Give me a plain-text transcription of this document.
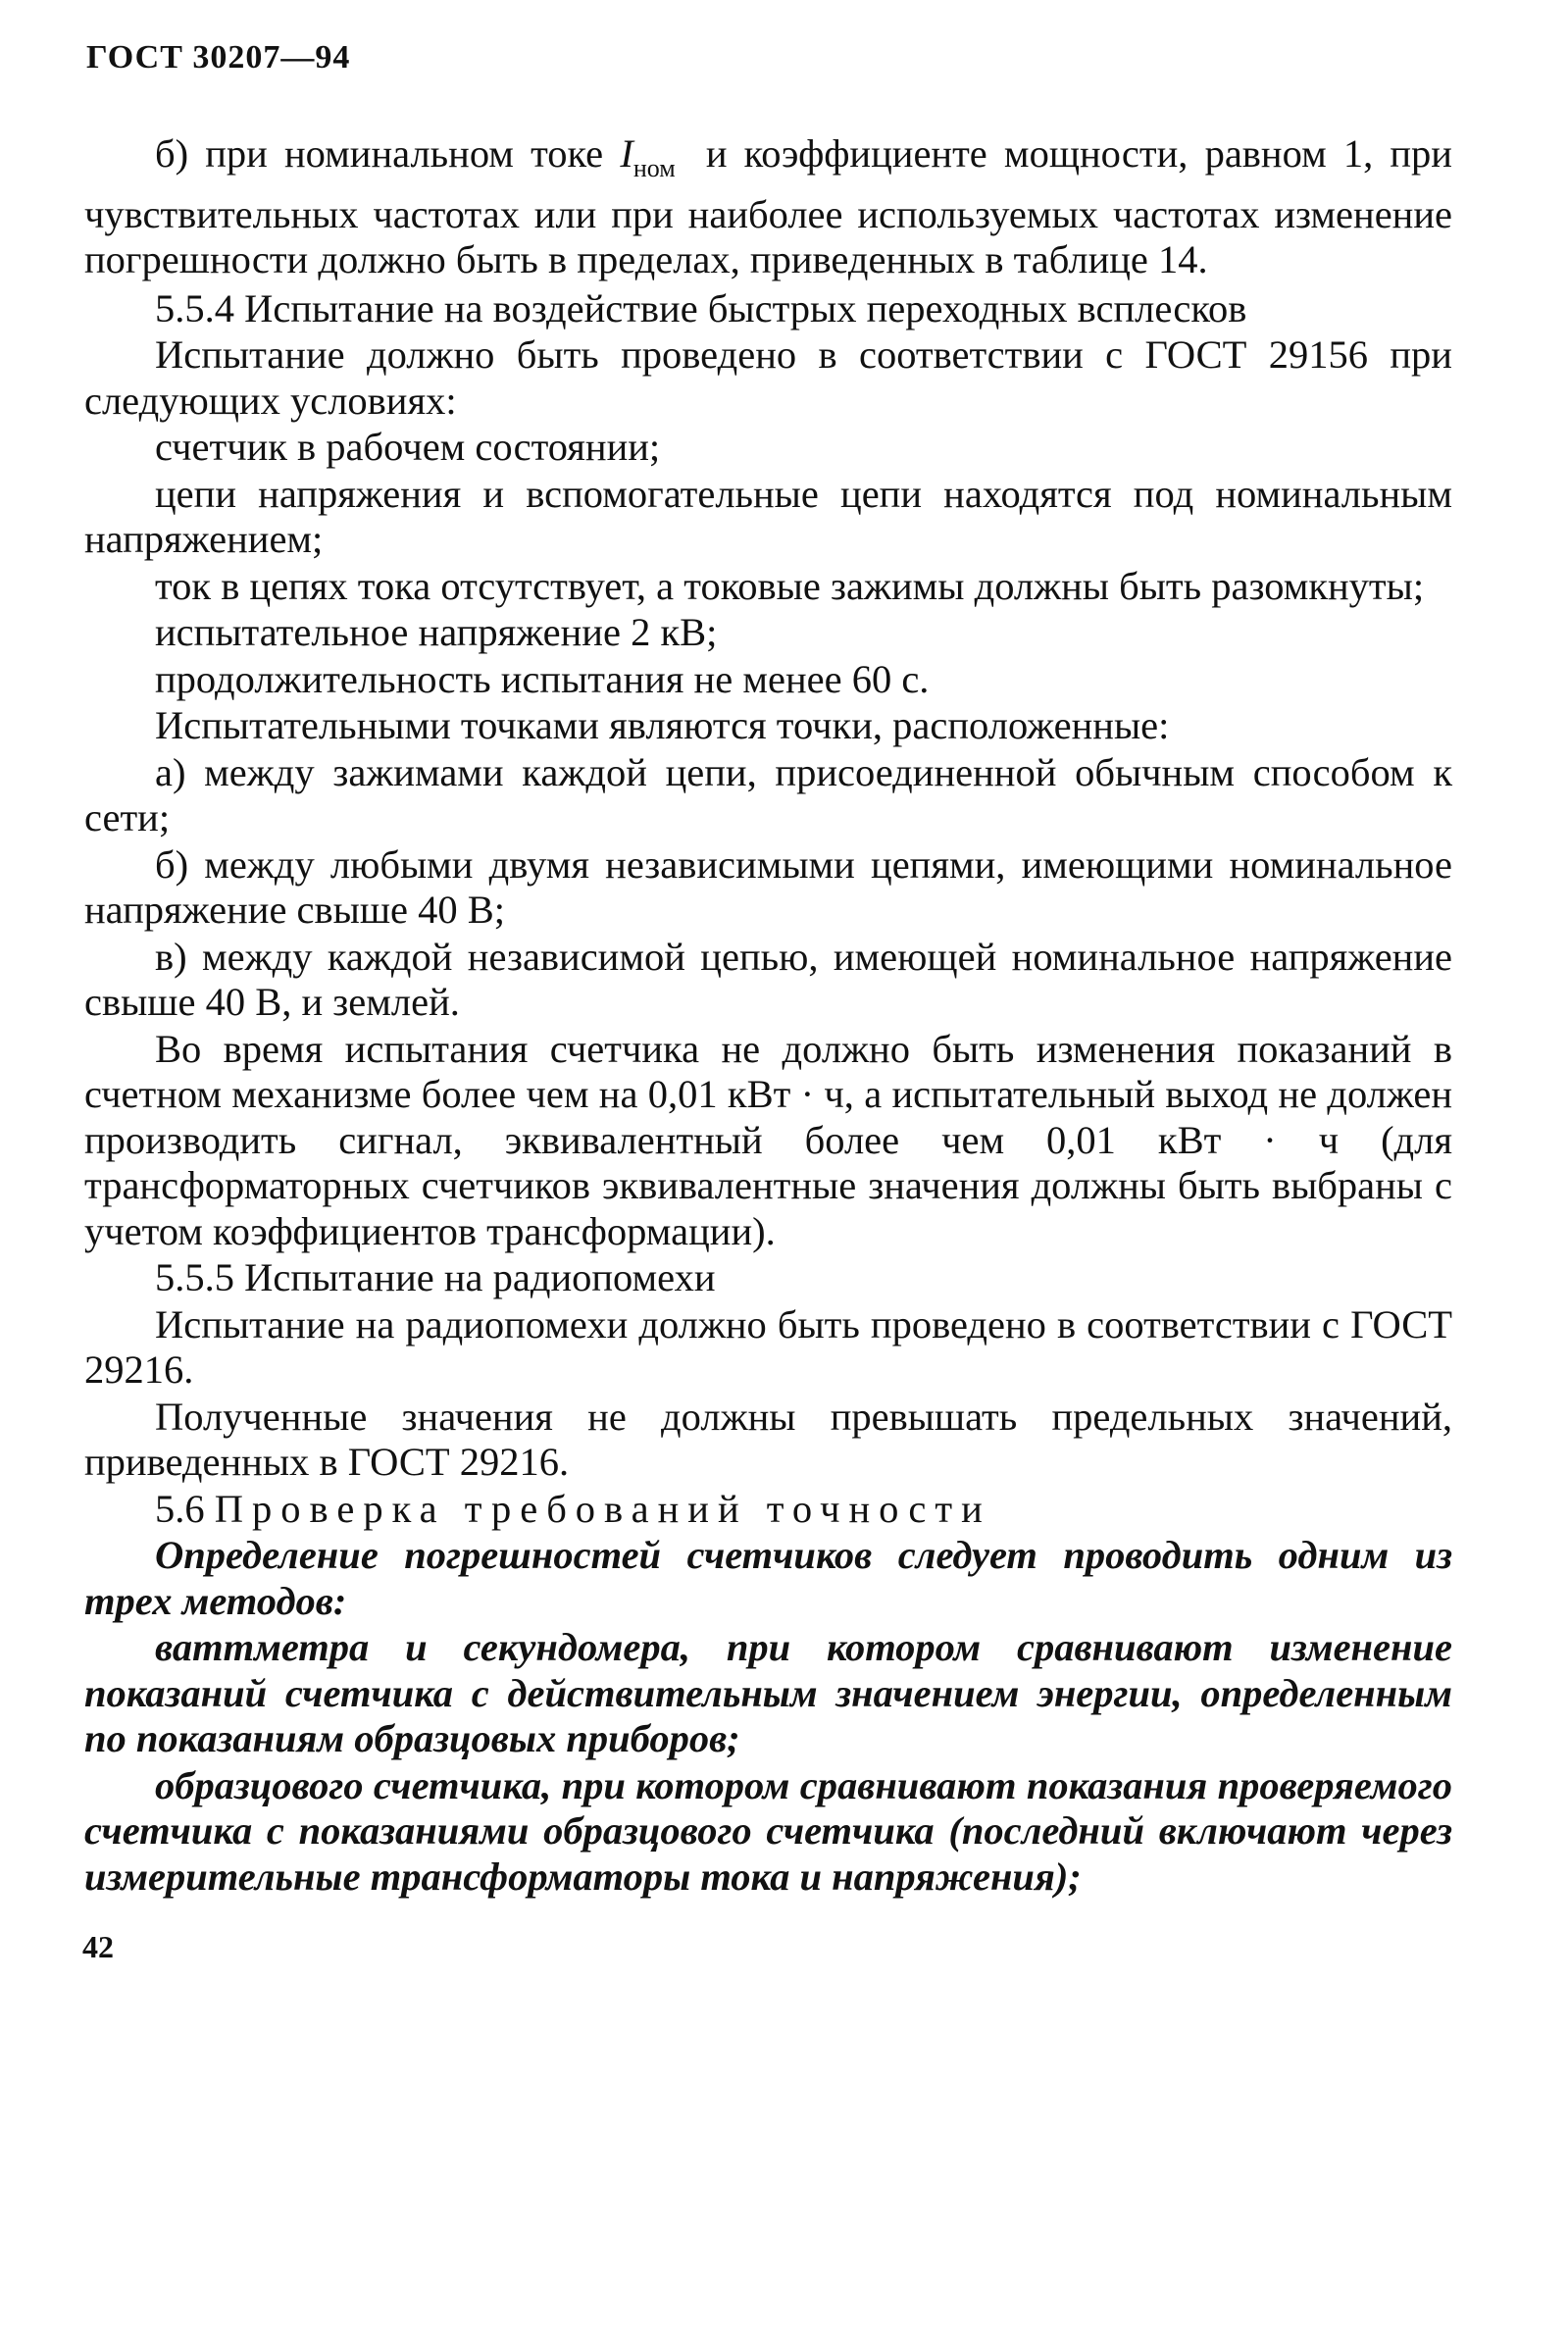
ГОСТ 30207—94

б) при номинальном токе $I_{ном}$ и коэффициенте мощности, равном 1, при чувствительных частотах или при наиболее используемых частотах изменение погрешности должно быть в пределах, приведенных в таблице 14.

5.5.4 Испытание на воздействие быстрых переходных всплесков

Испытание должно быть проведено в соответствии с ГОСТ 29156 при следующих условиях:

счетчик в рабочем состоянии;

цепи напряжения и вспомогательные цепи находятся под номинальным напряжением;

ток в цепях тока отсутствует, а токовые зажимы должны быть разомкнуты;

испытательное напряжение 2 кВ;

продолжительность испытания не менее 60 с.

Испытательными точками являются точки, расположенные:

а) между зажимами каждой цепи, присоединенной обычным способом к сети;

б) между любыми двумя независимыми цепями, имеющими номинальное напряжение свыше 40 В;

в) между каждой независимой цепью, имеющей номинальное напряжение свыше 40 В, и землей.

Во время испытания счетчика не должно быть изменения показаний в счетном механизме более чем на 0,01 кВт · ч, а испытательный выход не должен производить сигнал, эквивалентный более чем 0,01 кВт · ч (для трансформаторных счетчиков эквивалентные значения должны быть выбраны с учетом коэффициентов трансформации).

5.5.5 Испытание на радиопомехи

Испытание на радиопомехи должно быть проведено в соответствии с ГОСТ 29216.

Полученные значения не должны превышать предельных значений, приведенных в ГОСТ 29216.

5.6 Проверка требований точности

Определение погрешностей счетчиков следует проводить одним из трех методов:

ваттметра и секундомера, при котором сравнивают изменение показаний счетчика с действительным значением энергии, определенным по показаниям образцовых приборов;

образцового счетчика, при котором сравнивают показания проверяемого счетчика с показаниями образцового счетчика (последний включают через измерительные трансформаторы тока и напряжения);

42
